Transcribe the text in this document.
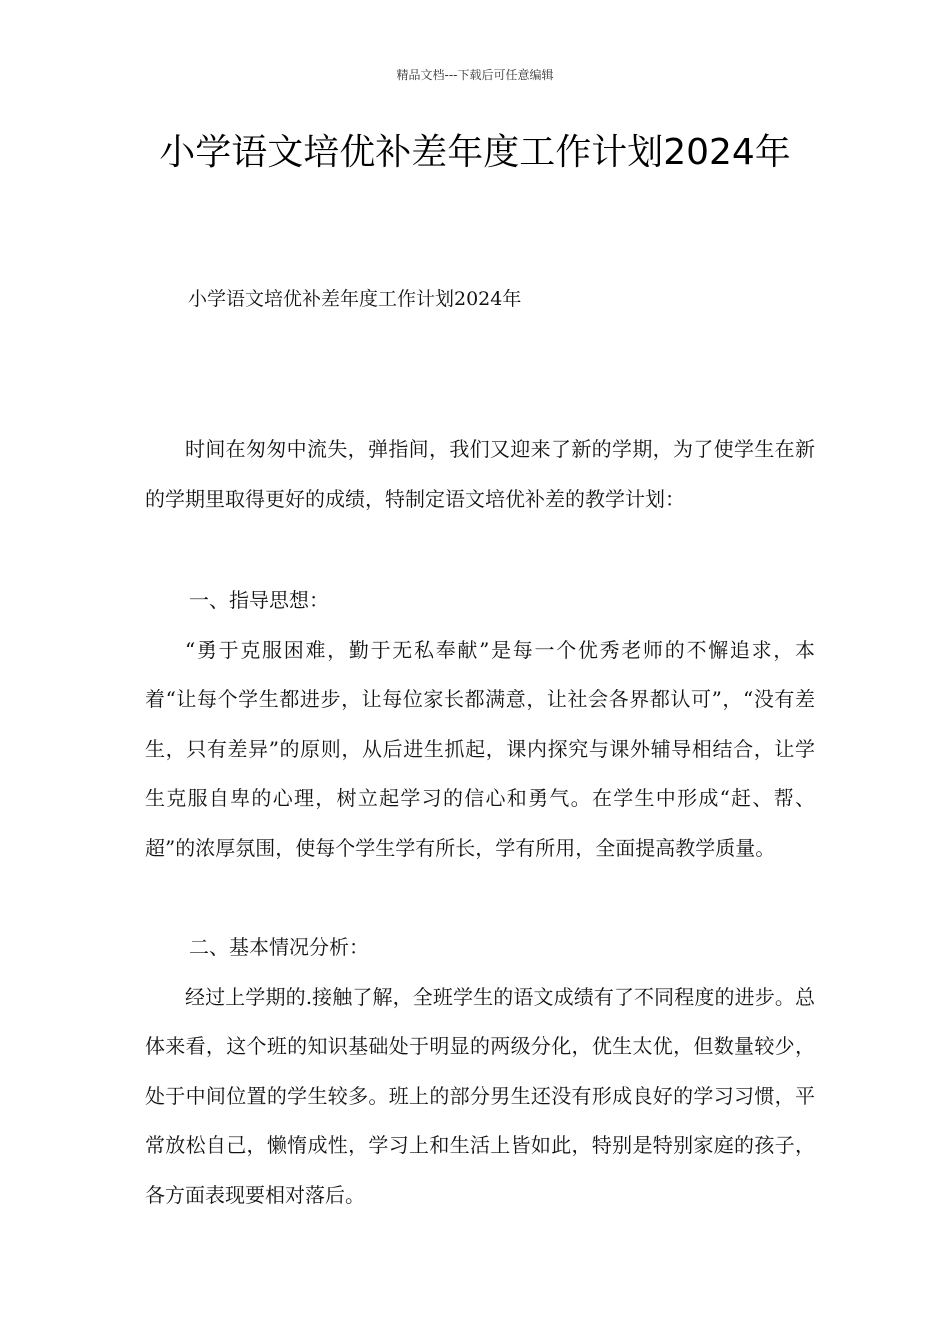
精品文档---下载后可任意编辑
小学语文培优补差年度工作计划2024年
小学语文培优补差年度工作计划2024年

时间在匆匆中流失，弹指间，我们又迎来了新的学期，为了使学生在新的学期里取得更好的成绩，特制定语文培优补差的教学计划：

一、指导思想：

“勇于克服困难，勤于无私奉献”是每一个优秀老师的不懈追求，本着“让每个学生都进步，让每位家长都满意，让社会各界都认可”，“没有差生，只有差异”的原则，从后进生抓起，课内探究与课外辅导相结合，让学生克服自卑的心理，树立起学习的信心和勇气。在学生中形成“赶、帮、超”的浓厚氛围，使每个学生学有所长，学有所用，全面提高教学质量。

二、基本情况分析：

经过上学期的.接触了解，全班学生的语文成绩有了不同程度的进步。总体来看，这个班的知识基础处于明显的两级分化，优生太优，但数量较少，处于中间位置的学生较多。班上的部分男生还没有形成良好的学习习惯，平常放松自己，懒惰成性，学习上和生活上皆如此，特别是特别家庭的孩子，各方面表现要相对落后。
